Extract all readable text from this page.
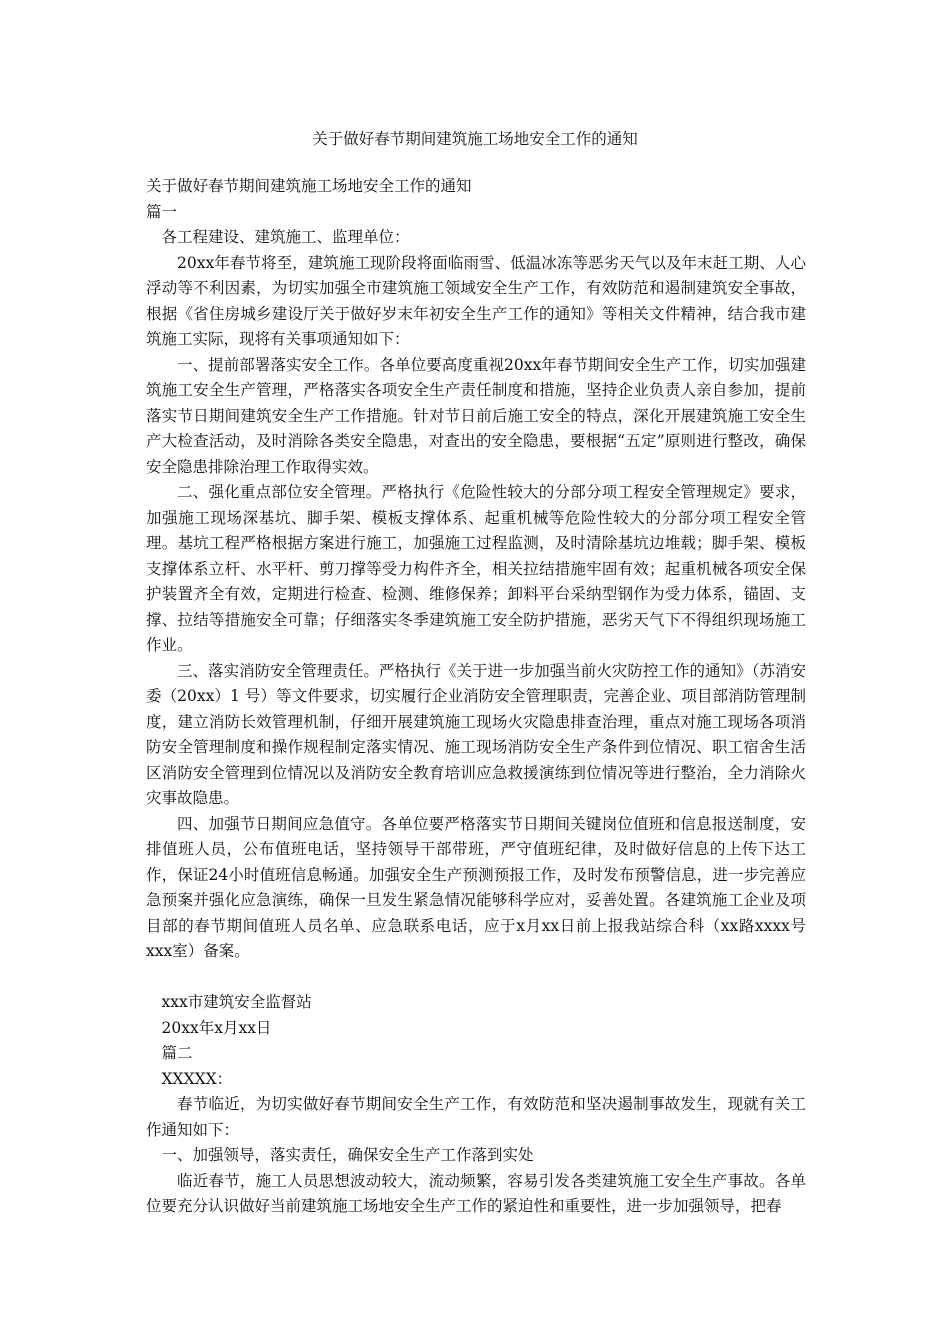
关于做好春节期间建筑施工场地安全工作的通知
关于做好春节期间建筑施工场地安全工作的通知
篇一
各工程建设、建筑施工、监理单位：
20xx年春节将至，建筑施工现阶段将面临雨雪、低温冰冻等恶劣天气以及年末赶工期、人心浮动等不利因素，为切实加强全市建筑施工领域安全生产工作，有效防范和遏制建筑安全事故，根据《省住房城乡建设厅关于做好岁末年初安全生产工作的通知》等相关文件精神，结合我市建筑施工实际，现将有关事项通知如下：
一、提前部署落实安全工作。各单位要高度重视20xx年春节期间安全生产工作，切实加强建筑施工安全生产管理，严格落实各项安全生产责任制度和措施，坚持企业负责人亲自参加，提前落实节日期间建筑安全生产工作措施。针对节日前后施工安全的特点，深化开展建筑施工安全生产大检查活动，及时消除各类安全隐患，对查出的安全隐患，要根据“五定”原则进行整改，确保安全隐患排除治理工作取得实效。
二、强化重点部位安全管理。严格执行《危险性较大的分部分项工程安全管理规定》要求，加强施工现场深基坑、脚手架、模板支撑体系、起重机械等危险性较大的分部分项工程安全管理。基坑工程严格根据方案进行施工，加强施工过程监测，及时清除基坑边堆载；脚手架、模板支撑体系立杆、水平杆、剪刀撑等受力构件齐全，相关拉结措施牢固有效；起重机械各项安全保护装置齐全有效，定期进行检查、检测、维修保养；卸料平台采纳型钢作为受力体系，锚固、支撑、拉结等措施安全可靠；仔细落实冬季建筑施工安全防护措施，恶劣天气下不得组织现场施工作业。
三、落实消防安全管理责任。严格执行《关于进一步加强当前火灾防控工作的通知》（苏消安委（20xx）1 号）等文件要求，切实履行企业消防安全管理职责，完善企业、项目部消防管理制度，建立消防长效管理机制，仔细开展建筑施工现场火灾隐患排查治理，重点对施工现场各项消防安全管理制度和操作规程制定落实情况、施工现场消防安全生产条件到位情况、职工宿舍生活区消防安全管理到位情况以及消防安全教育培训应急救援演练到位情况等进行整治，全力消除火灾事故隐患。
四、加强节日期间应急值守。各单位要严格落实节日期间关键岗位值班和信息报送制度，安排值班人员，公布值班电话，坚持领导干部带班，严守值班纪律，及时做好信息的上传下达工作，保证24小时值班信息畅通。加强安全生产预测预报工作，及时发布预警信息，进一步完善应急预案并强化应急演练，确保一旦发生紧急情况能够科学应对，妥善处置。各建筑施工企业及项目部的春节期间值班人员名单、应急联系电话，应于x月xx日前上报我站综合科（xx路xxxx号xxx室）备案。
xxx市建筑安全监督站
20xx年x月xx日
篇二
XXXXX：
春节临近，为切实做好春节期间安全生产工作，有效防范和坚决遏制事故发生，现就有关工作通知如下：
一、加强领导，落实责任，确保安全生产工作落到实处
临近春节，施工人员思想波动较大，流动频繁，容易引发各类建筑施工安全生产事故。各单位要充分认识做好当前建筑施工场地安全生产工作的紧迫性和重要性，进一步加强领导，把春
